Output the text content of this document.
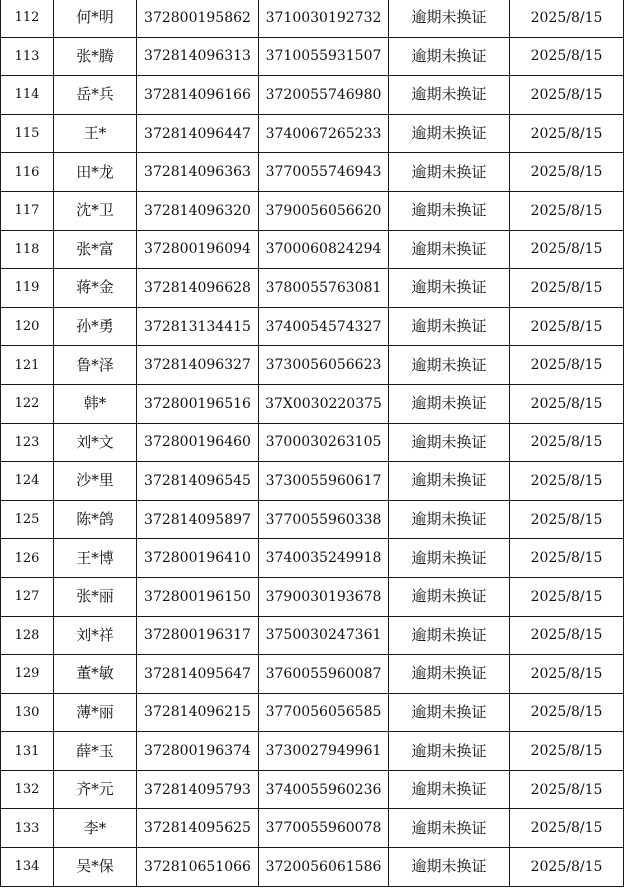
112	何*明	372800195862	3710030192732	逾期未换证	2025/8/15
113	张*腾	372814096313	3710055931507	逾期未换证	2025/8/15
114	岳*兵	372814096166	3720055746980	逾期未换证	2025/8/15
115	王*	372814096447	3740067265233	逾期未换证	2025/8/15
116	田*龙	372814096363	3770055746943	逾期未换证	2025/8/15
117	沈*卫	372814096320	3790056056620	逾期未换证	2025/8/15
118	张*富	372800196094	3700060824294	逾期未换证	2025/8/15
119	蒋*金	372814096628	3780055763081	逾期未换证	2025/8/15
120	孙*勇	372813134415	3740054574327	逾期未换证	2025/8/15
121	鲁*泽	372814096327	3730056056623	逾期未换证	2025/8/15
122	韩*	372800196516	37X0030220375	逾期未换证	2025/8/15
123	刘*文	372800196460	3700030263105	逾期未换证	2025/8/15
124	沙*里	372814096545	3730055960617	逾期未换证	2025/8/15
125	陈*鸽	372814095897	3770055960338	逾期未换证	2025/8/15
126	王*博	372800196410	3740035249918	逾期未换证	2025/8/15
127	张*丽	372800196150	3790030193678	逾期未换证	2025/8/15
128	刘*祥	372800196317	3750030247361	逾期未换证	2025/8/15
129	董*敏	372814095647	3760055960087	逾期未换证	2025/8/15
130	薄*丽	372814096215	3770056056585	逾期未换证	2025/8/15
131	薛*玉	372800196374	3730027949961	逾期未换证	2025/8/15
132	齐*元	372814095793	3740055960236	逾期未换证	2025/8/15
133	李*	372814095625	3770055960078	逾期未换证	2025/8/15
134	吴*保	372810651066	3720056061586	逾期未换证	2025/8/15
